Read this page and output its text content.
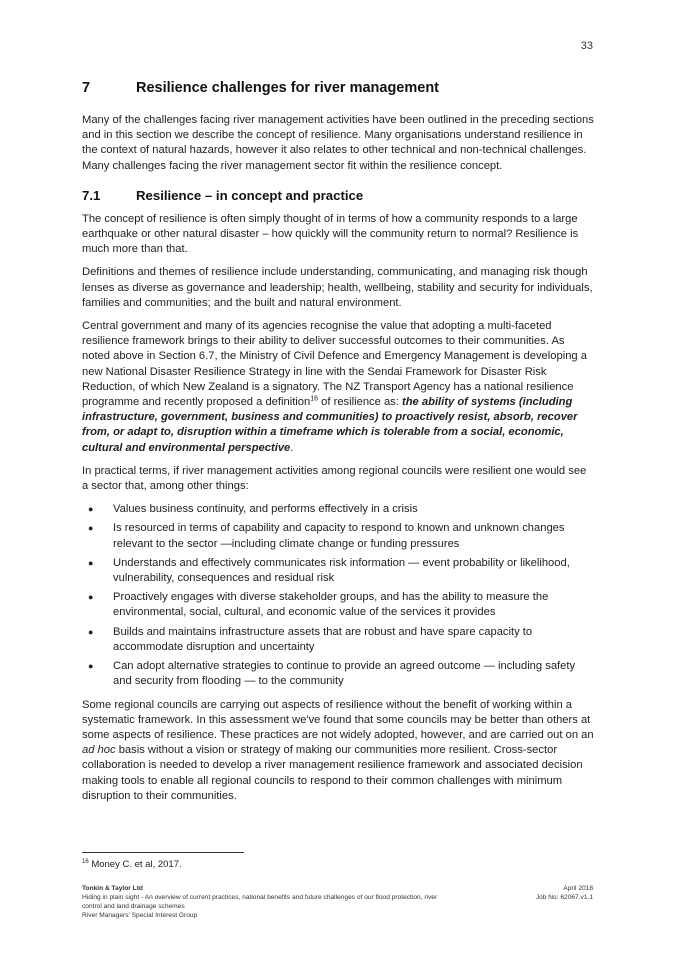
33
7	Resilience challenges for river management

Many of the challenges facing river management activities have been outlined in the preceding sections and in this section we describe the concept of resilience. Many organisations understand resilience in the context of natural hazards, however it also relates to other technical and non-technical challenges. Many challenges facing the river management sector fit within the resilience concept.

7.1	Resilience – in concept and practice

The concept of resilience is often simply thought of in terms of how a community responds to a large earthquake or other natural disaster – how quickly will the community return to normal? Resilience is much more than that.

Definitions and themes of resilience include understanding, communicating, and managing risk though lenses as diverse as governance and leadership; health, wellbeing, stability and security for individuals, families and communities; and the built and natural environment.

Central government and many of its agencies recognise the value that adopting a multi-faceted resilience framework brings to their ability to deliver successful outcomes to their communities. As noted above in Section 6.7, the Ministry of Civil Defence and Emergency Management is developing a new National Disaster Resilience Strategy in line with the Sendai Framework for Disaster Risk Reduction, of which New Zealand is a signatory. The NZ Transport Agency has a national resilience programme and recently proposed a definition$^{16}$ of resilience as: the ability of systems (including infrastructure, government, business and communities) to proactively resist, absorb, recover from, or adapt to, disruption within a timeframe which is tolerable from a social, economic, cultural and environmental perspective.

In practical terms, if river management activities among regional councils were resilient one would see a sector that, among other things:

● Values business continuity, and performs effectively in a crisis
● Is resourced in terms of capability and capacity to respond to known and unknown changes relevant to the sector —including climate change or funding pressures
● Understands and effectively communicates risk information — event probability or likelihood, vulnerability, consequences and residual risk
● Proactively engages with diverse stakeholder groups, and has the ability to measure the environmental, social, cultural, and economic value of the services it provides
● Builds and maintains infrastructure assets that are robust and have spare capacity to accommodate disruption and uncertainty
● Can adopt alternative strategies to continue to provide an agreed outcome — including safety and security from flooding — to the community

Some regional councils are carrying out aspects of resilience without the benefit of working within a systematic framework. In this assessment we've found that some councils may be better than others at some aspects of resilience. These practices are not widely adopted, however, and are carried out on an ad hoc basis without a vision or strategy of making our communities more resilient. Cross-sector collaboration is needed to develop a river management resilience framework and associated decision making tools to enable all regional councils to respond to their common challenges with minimum disruption to their communities.

$^{16}$ Money C. et al, 2017.
Tonkin & Taylor Ltd
Hiding in plain sight - An overview of current practices, national benefits and future challenges of our flood protection, river control and land drainage schemes
River Managers' Special Interest Group
April 2018
Job No: 62067.v1.1
